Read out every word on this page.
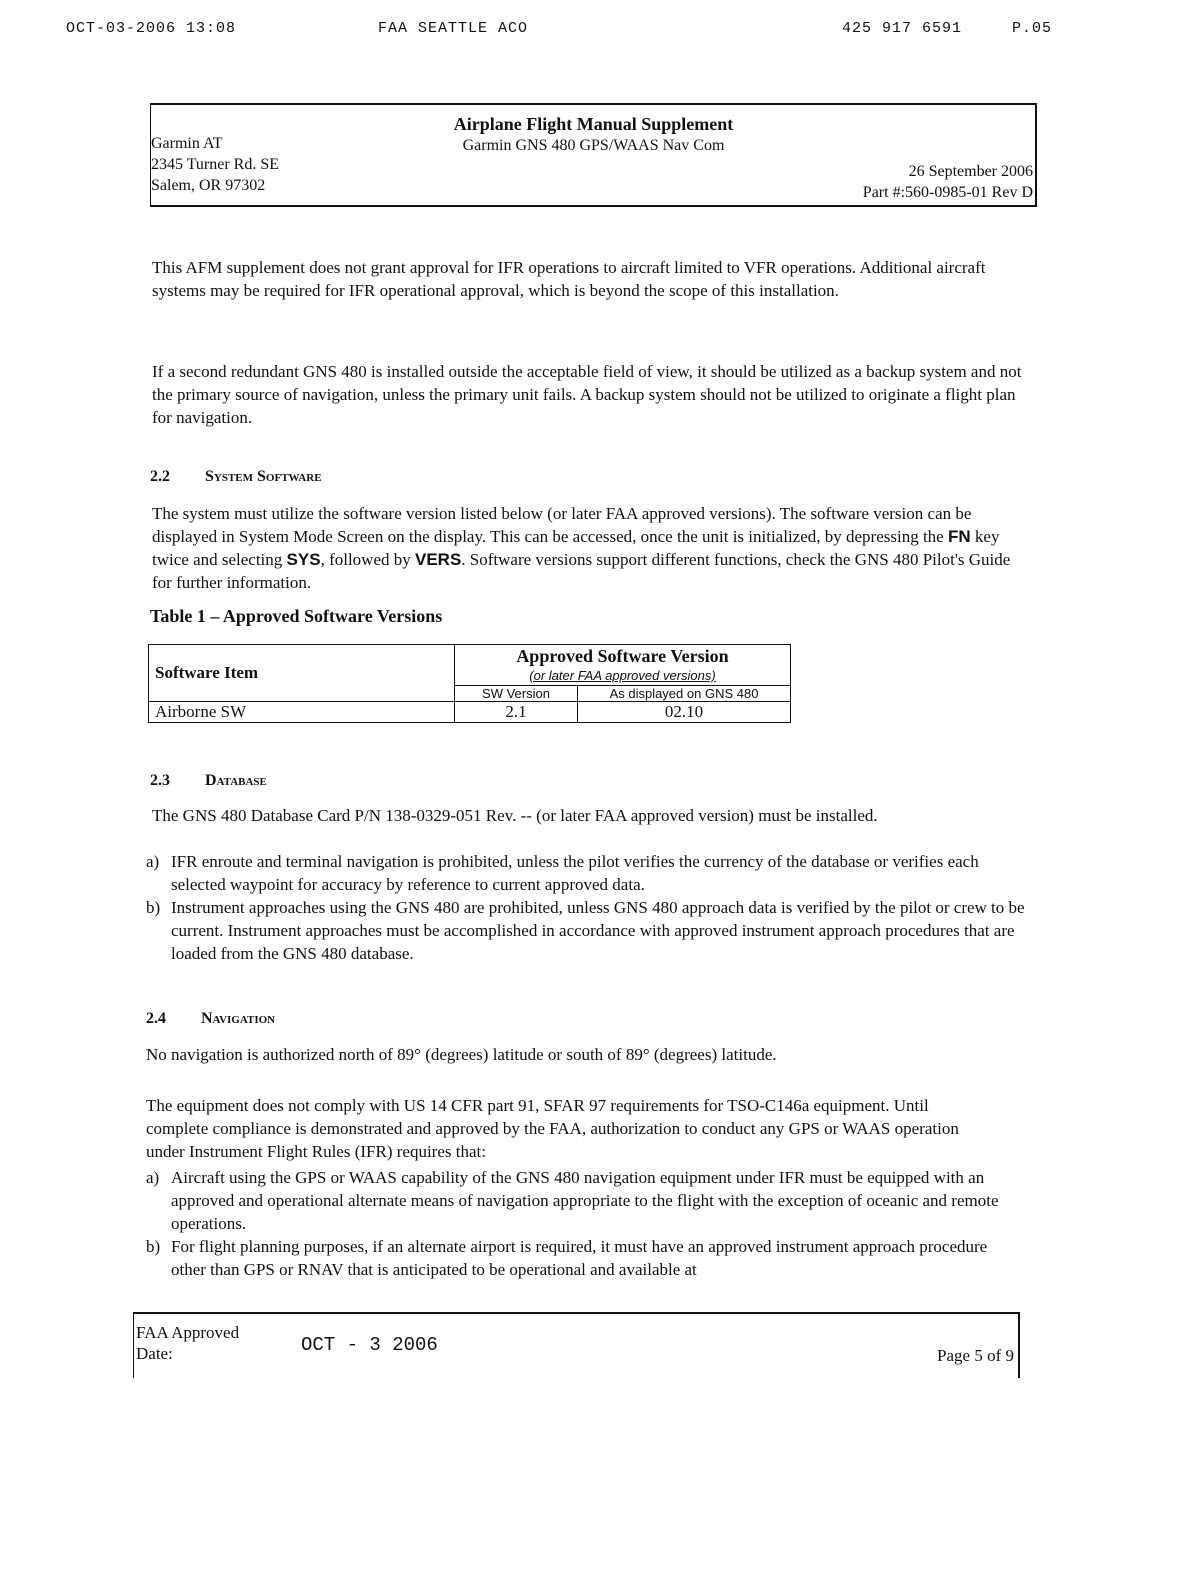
OCT-03-2006 13:08	FAA SEATTLE ACO	425 917 6591	P.05
Garmin AT
2345 Turner Rd. SE
Salem, OR 97302
Airplane Flight Manual Supplement
Garmin GNS 480 GPS/WAAS Nav Com
26 September 2006
Part #:560-0985-01 Rev D
This AFM supplement does not grant approval for IFR operations to aircraft limited to VFR operations. Additional aircraft systems may be required for IFR operational approval, which is beyond the scope of this installation.
If a second redundant GNS 480 is installed outside the acceptable field of view, it should be utilized as a backup system and not the primary source of navigation, unless the primary unit fails. A backup system should not be utilized to originate a flight plan for navigation.
2.2 System Software
The system must utilize the software version listed below (or later FAA approved versions). The software version can be displayed in System Mode Screen on the display. This can be accessed, once the unit is initialized, by depressing the FN key twice and selecting SYS, followed by VERS. Software versions support different functions, check the GNS 480 Pilot's Guide for further information.
Table 1 – Approved Software Versions
Software Item	Approved Software Version
(or later FAA approved versions)	

	SW Version	As displayed on GNS 480
Airborne SW	2.1	02.10
2.3 Database
The GNS 480 Database Card P/N 138-0329-051 Rev. -- (or later FAA approved version) must be installed.
a) IFR enroute and terminal navigation is prohibited, unless the pilot verifies the currency of the database or verifies each selected waypoint for accuracy by reference to current approved data.
b) Instrument approaches using the GNS 480 are prohibited, unless GNS 480 approach data is verified by the pilot or crew to be current. Instrument approaches must be accomplished in accordance with approved instrument approach procedures that are loaded from the GNS 480 database.
2.4 Navigation
No navigation is authorized north of 89° (degrees) latitude or south of 89° (degrees) latitude.
The equipment does not comply with US 14 CFR part 91, SFAR 97 requirements for TSO-C146a equipment. Until complete compliance is demonstrated and approved by the FAA, authorization to conduct any GPS or WAAS operation under Instrument Flight Rules (IFR) requires that:
a) Aircraft using the GPS or WAAS capability of the GNS 480 navigation equipment under IFR must be equipped with an approved and operational alternate means of navigation appropriate to the flight with the exception of oceanic and remote operations.
b) For flight planning purposes, if an alternate airport is required, it must have an approved instrument approach procedure other than GPS or RNAV that is anticipated to be operational and available at
FAA Approved
Date:	OCT - 3 2006	Page 5 of 9
